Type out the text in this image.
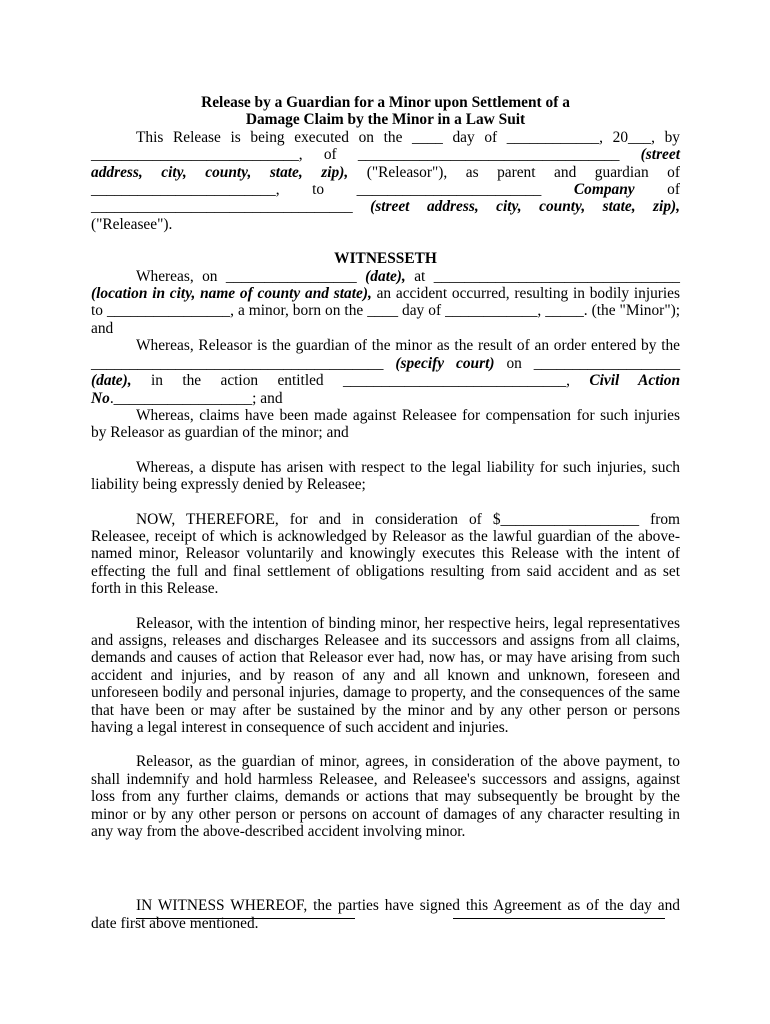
Release by a Guardian for a Minor upon Settlement of a

Damage Claim by the Minor in a Law Suit

This Release is being executed on the ____ day of ____________, 20___, by ___________________________, of __________________________________ (street address, city, county, state, zip), ("Releasor"), as parent and guardian of ________________________, to ________________________ Company of __________________________________ (street address, city, county, state, zip), ("Releasee").

WITNESSETH

Whereas, on _________________ (date), at ________________________________ (location in city, name of county and state), an accident occurred, resulting in bodily injuries to ________________, a minor, born on the ____ day of ____________, _____. (the "Minor"); and

Whereas, Releasor is the guardian of the minor as the result of an order entered by the ______________________________________ (specify court) on ___________________ (date), in the action entitled _____________________________, Civil Action No.__________________; and

Whereas, claims have been made against Releasee for compensation for such injuries by Releasor as guardian of the minor; and

Whereas, a dispute has arisen with respect to the legal liability for such injuries, such liability being expressly denied by Releasee;

NOW, THEREFORE, for and in consideration of $__________________ from Releasee, receipt of which is acknowledged by Releasor as the lawful guardian of the above-named minor, Releasor voluntarily and knowingly executes this Release with the intent of effecting the full and final settlement of obligations resulting from said accident and as set forth in this Release.

Releasor, with the intention of binding minor, her respective heirs, legal representatives and assigns, releases and discharges Releasee and its successors and assigns from all claims, demands and causes of action that Releasor ever had, now has, or may have arising from such accident and injuries, and by reason of any and all known and unknown, foreseen and unforeseen bodily and personal injuries, damage to property, and the consequences of the same that have been or may after be sustained by the minor and by any other person or persons having a legal interest in consequence of such accident and injuries.

Releasor, as the guardian of minor, agrees, in consideration of the above payment, to shall indemnify and hold harmless Releasee, and Releasee's successors and assigns, against loss from any further claims, demands or actions that may subsequently be brought by the minor or by any other person or persons on account of damages of any character resulting in any way from the above-described accident involving minor.

IN WITNESS WHEREOF, the parties have signed this Agreement as of the day and date first above mentioned.
